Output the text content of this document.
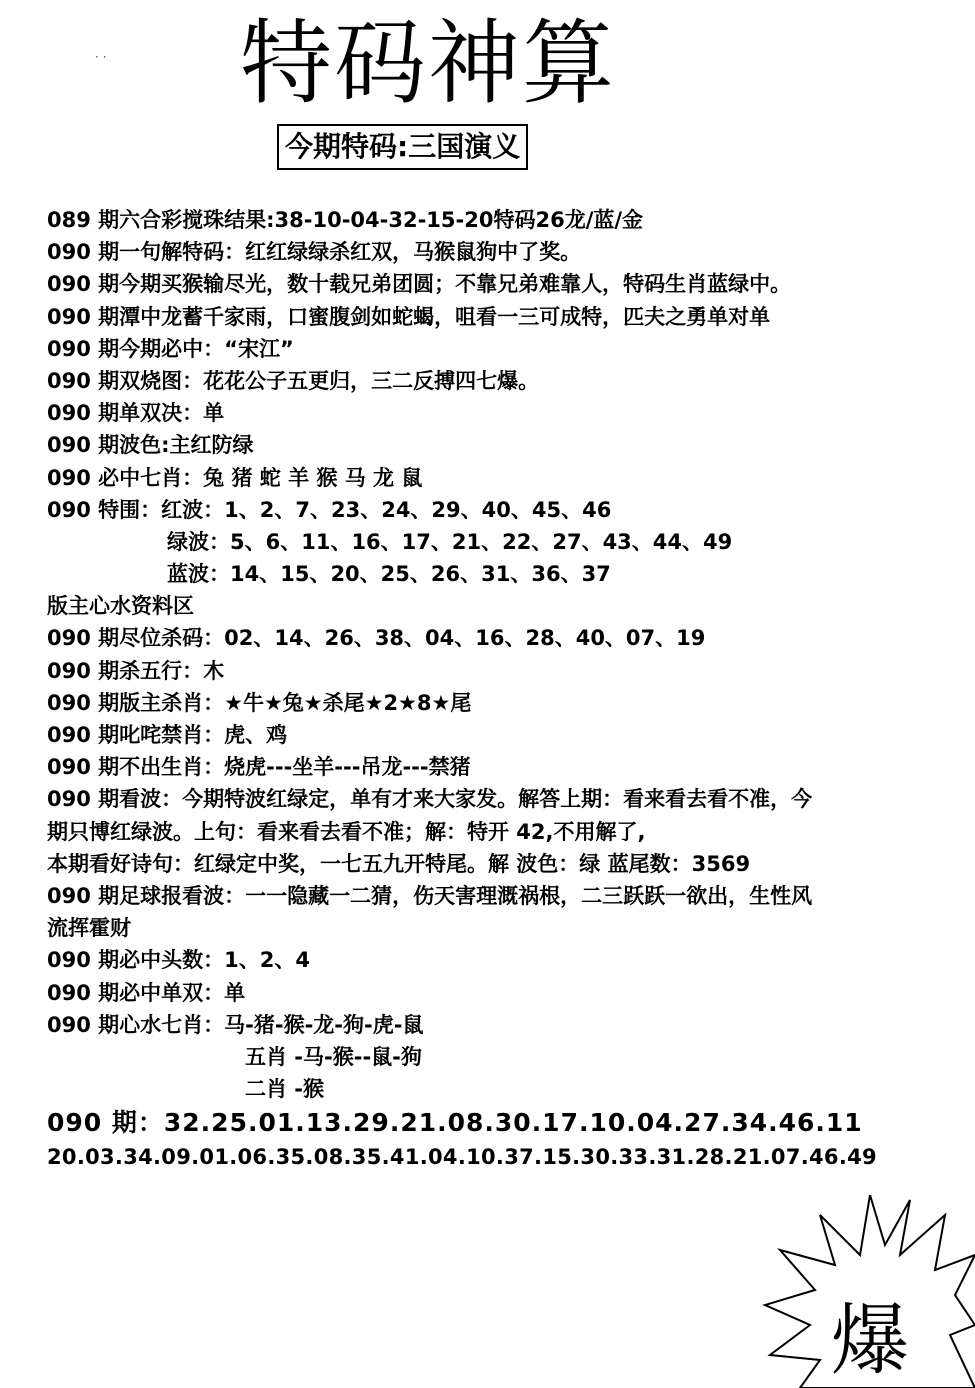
· · 特码神算
今期特码:三国演义
089 期六合彩搅珠结果:38-10-04-32-15-20特码26龙/蓝/金
090 期一句解特码：红红绿绿杀红双，马猴鼠狗中了奖。
090 期今期买猴输尽光，数十载兄弟团圆；不靠兄弟难靠人，特码生肖蓝绿中。
090 期潭中龙蓄千家雨，口蜜腹剑如蛇蝎，咀看一三可成特，匹夫之勇单对单
090 期今期必中：“宋江”
090 期双烧图：花花公子五更归，三二反搏四七爆。
090 期单双决：单
090 期波色:主红防绿
090 必中七肖：兔 猪 蛇 羊 猴 马 龙 鼠
090 特围：红波：1、2、7、23、24、29、40、45、46
绿波：5、6、11、16、17、21、22、27、43、44、49
蓝波：14、15、20、25、26、31、36、37
版主心水资料区
090 期尽位杀码：02、14、26、38、04、16、28、40、07、19
090 期杀五行：木
090 期版主杀肖：★牛★兔★杀尾★2★8★尾
090 期叱咤禁肖：虎、鸡
090 期不出生肖：烧虎---坐羊---吊龙---禁猪
090 期看波：今期特波红绿定，单有才来大家发。解答上期：看来看去看不准，今
期只博红绿波。上句：看来看去看不准；解：特开 42,不用解了,
本期看好诗句：红绿定中奖，一七五九开特尾。解 波色：绿 蓝尾数：3569
090 期足球报看波：一一隐藏一二猜，伤天害理溉祸根，二三跃跃一欲出，生性风
流挥霍财
090 期必中头数：1、2、4
090 期必中单双：单
090 期心水七肖：马-猪-猴-龙-狗-虎-鼠
五肖 -马-猴--鼠-狗
二肖 -猴
090 期：32.25.01.13.29.21.08.30.17.10.04.27.34.46.11
20.03.34.09.01.06.35.08.35.41.04.10.37.15.30.33.31.28.21.07.46.49
爆
